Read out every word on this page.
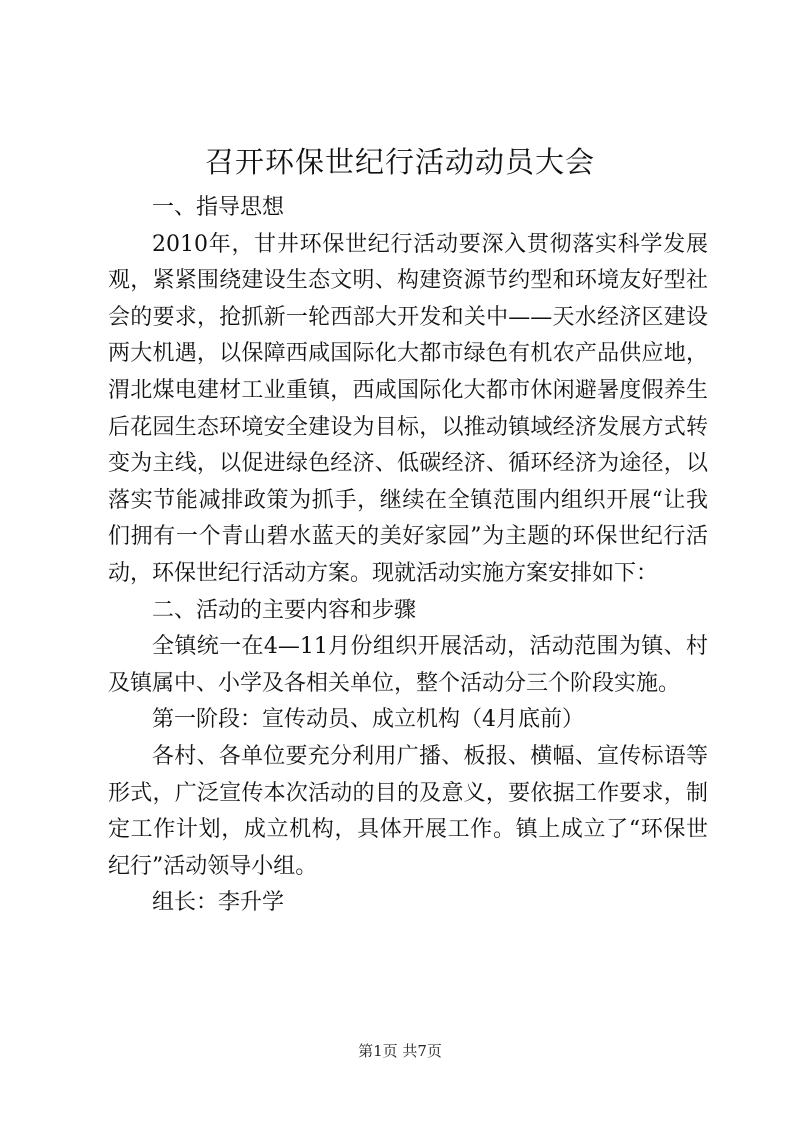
召开环保世纪行活动动员大会

一、指导思想

2010年，甘井环保世纪行活动要深入贯彻落实科学发展观，紧紧围绕建设生态文明、构建资源节约型和环境友好型社会的要求，抢抓新一轮西部大开发和关中——天水经济区建设两大机遇，以保障西咸国际化大都市绿色有机农产品供应地，渭北煤电建材工业重镇，西咸国际化大都市休闲避暑度假养生后花园生态环境安全建设为目标，以推动镇域经济发展方式转变为主线，以促进绿色经济、低碳经济、循环经济为途径，以落实节能减排政策为抓手，继续在全镇范围内组织开展“让我们拥有一个青山碧水蓝天的美好家园”为主题的环保世纪行活动，环保世纪行活动方案。现就活动实施方案安排如下：

二、活动的主要内容和步骤

全镇统一在4—11月份组织开展活动，活动范围为镇、村及镇属中、小学及各相关单位，整个活动分三个阶段实施。

第一阶段：宣传动员、成立机构（4月底前）

各村、各单位要充分利用广播、板报、横幅、宣传标语等形式，广泛宣传本次活动的目的及意义，要依据工作要求，制定工作计划，成立机构，具体开展工作。镇上成立了“环保世纪行”活动领导小组。

组长：李升学

第1页 共7页
